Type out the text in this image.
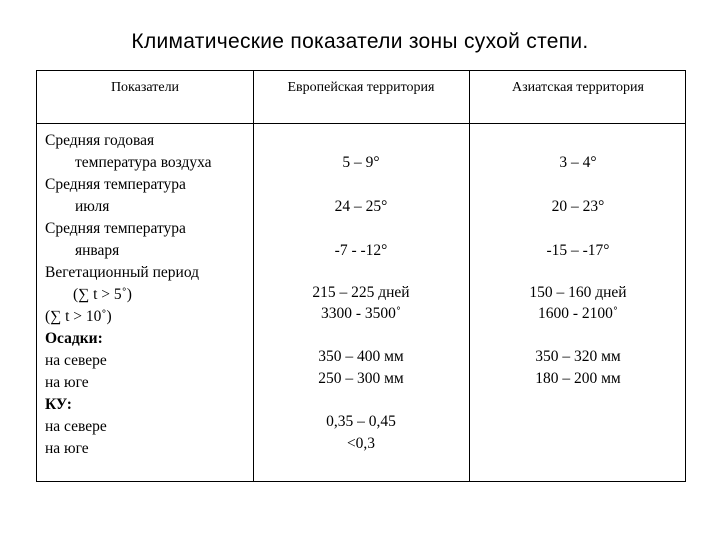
Климатические показатели зоны сухой степи.
Показатели	Европейская территория	Азиатская территория
Средняя годовая
температура воздуха
Средняя температура
июля
Средняя температура
января
Вегетационный период
(∑ t > 5˚)
(∑ t > 10˚)
Осадки:
на севере
на юге
КУ:
на севере
на юге
5 – 9°
24 – 25°
-7 - -12°
215 – 225 дней
3300 - 3500˚
350 – 400 мм
250 – 300 мм
0,35 – 0,45
<0,3
3 – 4°
20 – 23°
-15 – -17°
150 – 160 дней
1600 - 2100˚
350 – 320 мм
180 – 200 мм
